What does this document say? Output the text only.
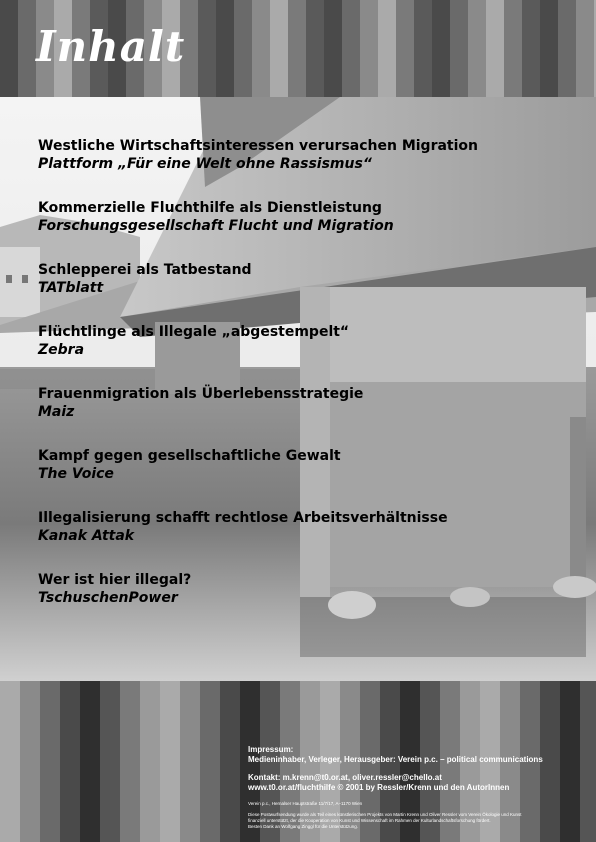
Inhalt
Westliche Wirtschaftsinteressen verursachen Migration
Plattform „Für eine Welt ohne Rassismus“
Kommerzielle Fluchthilfe als Dienstleistung
Forschungsgesellschaft Flucht und Migration
Schlepperei als Tatbestand
TATblatt
Flüchtlinge als Illegale „abgestempelt“
Zebra
Frauenmigration als Überlebensstrategie
Maiz
Kampf gegen gesellschaftliche Gewalt
The Voice
Illegalisierung schafft rechtlose Arbeitsverhältnisse
Kanak Attak
Wer ist hier illegal?
TschuschenPower
Impressum:
Medieninhaber, Verleger, Herausgeber: Verein p.c. – political communications
Kontakt: m.krenn@t0.or.at, oliver.ressler@chello.at
www.t0.or.at/fluchthilfe © 2001 by Ressler/Krenn und den AutorInnen
Verein p.c., Hernalser Hauptstraße 11/7/17, A–1170 Wien
Diese Postwurfsendung wurde als Teil eines künstlerischen Projekts von Martin Krenn und Oliver Ressler vom Verein Ökologie und Kunst
finanziell unterstützt, der die Kooperation von Kunst und Wissenschaft im Rahmen der Kulturlandschaftsforschung fördert.
Besten Dank an Wolfgang Zinggl für die Unterstützung.
